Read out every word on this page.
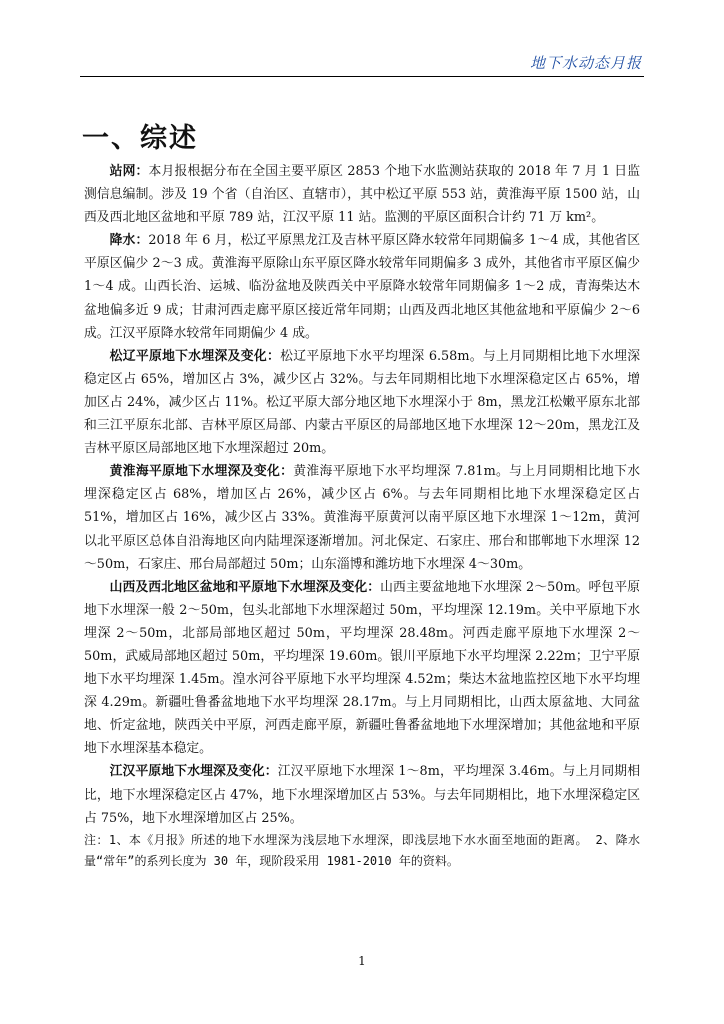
地下水动态月报
一、综述

站网：本月报根据分布在全国主要平原区 2853 个地下水监测站获取的 2018 年 7 月 1 日监测信息编制。涉及 19 个省（自治区、直辖市），其中松辽平原 553 站，黄淮海平原 1500 站，山西及西北地区盆地和平原 789 站，江汉平原 11 站。监测的平原区面积合计约 71 万 km²。

降水：2018 年 6 月，松辽平原黑龙江及吉林平原区降水较常年同期偏多 1～4 成，其他省区平原区偏少 2～3 成。黄淮海平原除山东平原区降水较常年同期偏多 3 成外，其他省市平原区偏少 1～4 成。山西长治、运城、临汾盆地及陕西关中平原降水较常年同期偏多 1～2 成，青海柴达木盆地偏多近 9 成；甘肃河西走廊平原区接近常年同期；山西及西北地区其他盆地和平原偏少 2～6 成。江汉平原降水较常年同期偏少 4 成。

松辽平原地下水埋深及变化：松辽平原地下水平均埋深 6.58m。与上月同期相比地下水埋深稳定区占 65%，增加区占 3%，减少区占 32%。与去年同期相比地下水埋深稳定区占 65%，增加区占 24%，减少区占 11%。松辽平原大部分地区地下水埋深小于 8m，黑龙江松嫩平原东北部和三江平原东北部、吉林平原区局部、内蒙古平原区的局部地区地下水埋深 12～20m，黑龙江及吉林平原区局部地区地下水埋深超过 20m。

黄淮海平原地下水埋深及变化：黄淮海平原地下水平均埋深 7.81m。与上月同期相比地下水埋深稳定区占 68%，增加区占 26%，减少区占 6%。与去年同期相比地下水埋深稳定区占 51%，增加区占 16%，减少区占 33%。黄淮海平原黄河以南平原区地下水埋深 1～12m，黄河以北平原区总体自沿海地区向内陆埋深逐渐增加。河北保定、石家庄、邢台和邯郸地下水埋深 12～50m，石家庄、邢台局部超过 50m；山东淄博和潍坊地下水埋深 4～30m。

山西及西北地区盆地和平原地下水埋深及变化：山西主要盆地地下水埋深 2～50m。呼包平原地下水埋深一般 2～50m，包头北部地下水埋深超过 50m，平均埋深 12.19m。关中平原地下水埋深 2～50m，北部局部地区超过 50m，平均埋深 28.48m。河西走廊平原地下水埋深 2～50m，武威局部地区超过 50m，平均埋深 19.60m。银川平原地下水平均埋深 2.22m；卫宁平原地下水平均埋深 1.45m。湟水河谷平原地下水平均埋深 4.52m；柴达木盆地监控区地下水平均埋深 4.29m。新疆吐鲁番盆地地下水平均埋深 28.17m。与上月同期相比，山西太原盆地、大同盆地、忻定盆地，陕西关中平原，河西走廊平原，新疆吐鲁番盆地地下水埋深增加；其他盆地和平原地下水埋深基本稳定。

江汉平原地下水埋深及变化：江汉平原地下水埋深 1～8m，平均埋深 3.46m。与上月同期相比，地下水埋深稳定区占 47%，地下水埋深增加区占 53%。与去年同期相比，地下水埋深稳定区占 75%，地下水埋深增加区占 25%。

注：1、本《月报》所述的地下水埋深为浅层地下水埋深，即浅层地下水水面至地面的距离。 2、降水量“常年”的系列长度为 30 年，现阶段采用 1981-2010 年的资料。

1
